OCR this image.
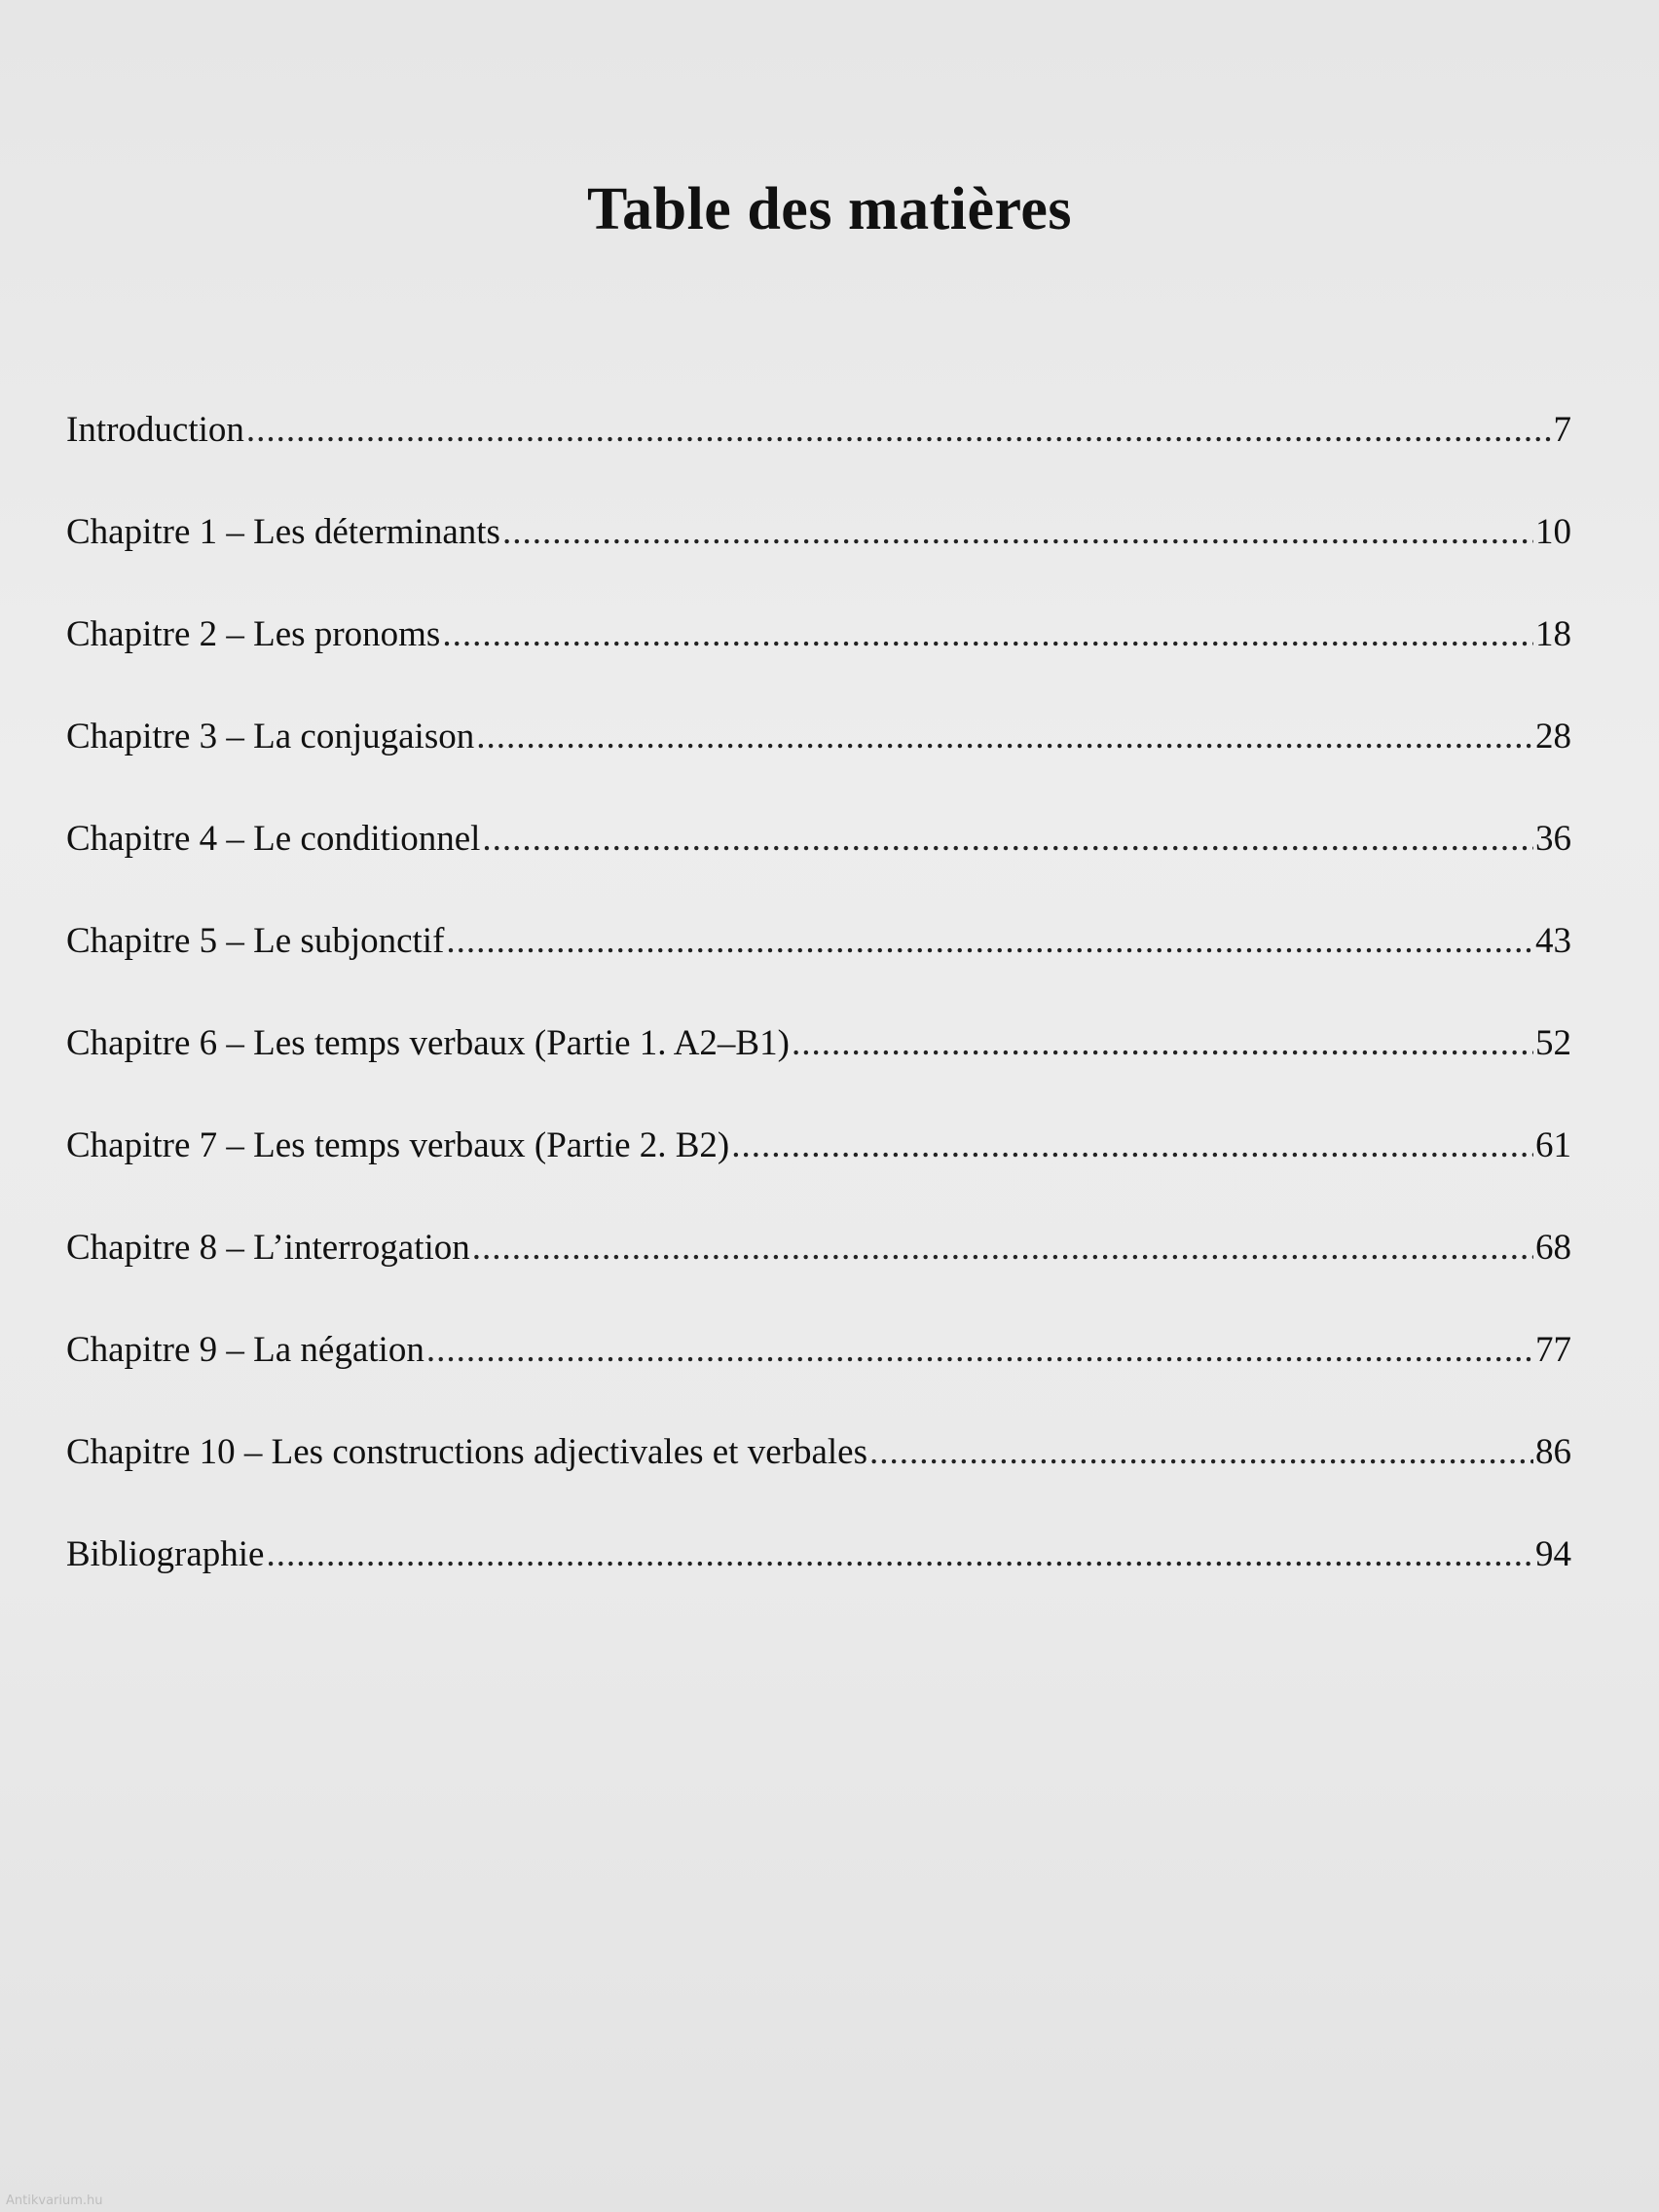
Table des matières
Introduction .....	7
Chapitre 1 – Les déterminants .....	10
Chapitre 2 – Les pronoms .....	18
Chapitre 3 – La conjugaison .....	28
Chapitre 4 – Le conditionnel .....	36
Chapitre 5 – Le subjonctif .....	43
Chapitre 6 – Les temps verbaux (Partie 1. A2–B1) .....	52
Chapitre 7 – Les temps verbaux (Partie 2. B2) .....	61
Chapitre 8 – L’interrogation .....	68
Chapitre 9 – La négation .....	77
Chapitre 10 – Les constructions adjectivales et verbales .....	86
Bibliographie .....	94
Antikvarium.hu
